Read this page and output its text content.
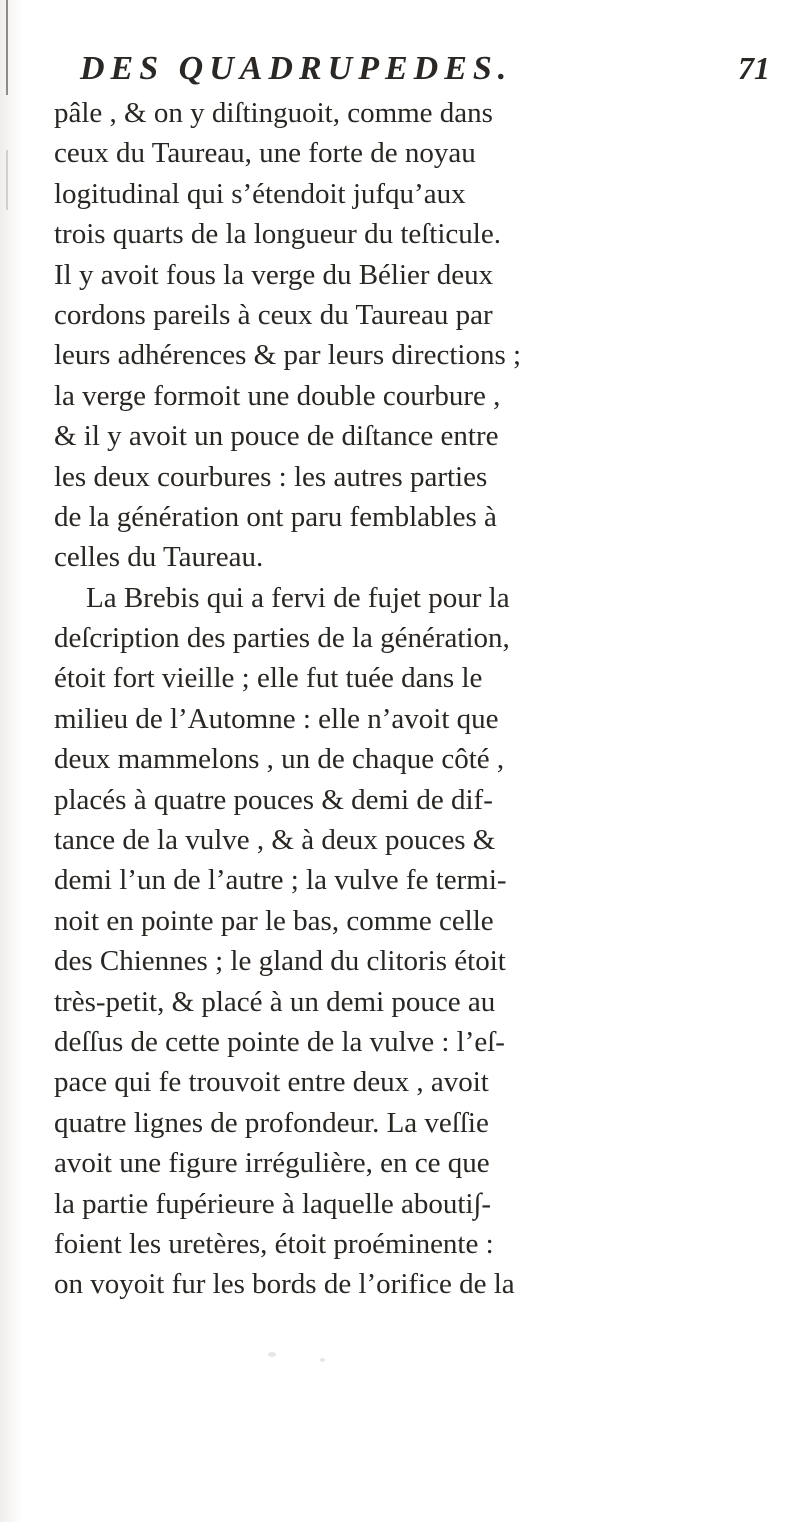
DES QUADRUPEDES.	71
pâle , & on y diſtinguoit, comme dans
ceux du Taureau, une forte de noyau
logitudinal qui s’étendoit jufqu’aux
trois quarts de la longueur du teſticule.
Il y avoit fous la verge du Bélier deux
cordons pareils à ceux du Taureau par
leurs adhérences & par leurs directions ;
la verge formoit une double courbure ,
& il y avoit un pouce de diſtance entre
les deux courbures : les autres parties
de la génération ont paru femblables à
celles du Taureau.
La Brebis qui a fervi de fujet pour la
deſcription des parties de la génération,
étoit fort vieille ; elle fut tuée dans le
milieu de l’Automne : elle n’avoit que
deux mammelons , un de chaque côté ,
placés à quatre pouces & demi de dif-
tance de la vulve , & à deux pouces &
demi l’un de l’autre ; la vulve fe termi-
noit en pointe par le bas, comme celle
des Chiennes ; le gland du clitoris étoit
très-petit, & placé à un demi pouce au
deſſus de cette pointe de la vulve : l’eſ-
pace qui fe trouvoit entre deux , avoit
quatre lignes de profondeur. La veſſie
avoit une figure irrégulière, en ce que
la partie fupérieure à laquelle abouti∫-
foient les uretères, étoit proéminente :
on voyoit fur les bords de l’orifice de la
